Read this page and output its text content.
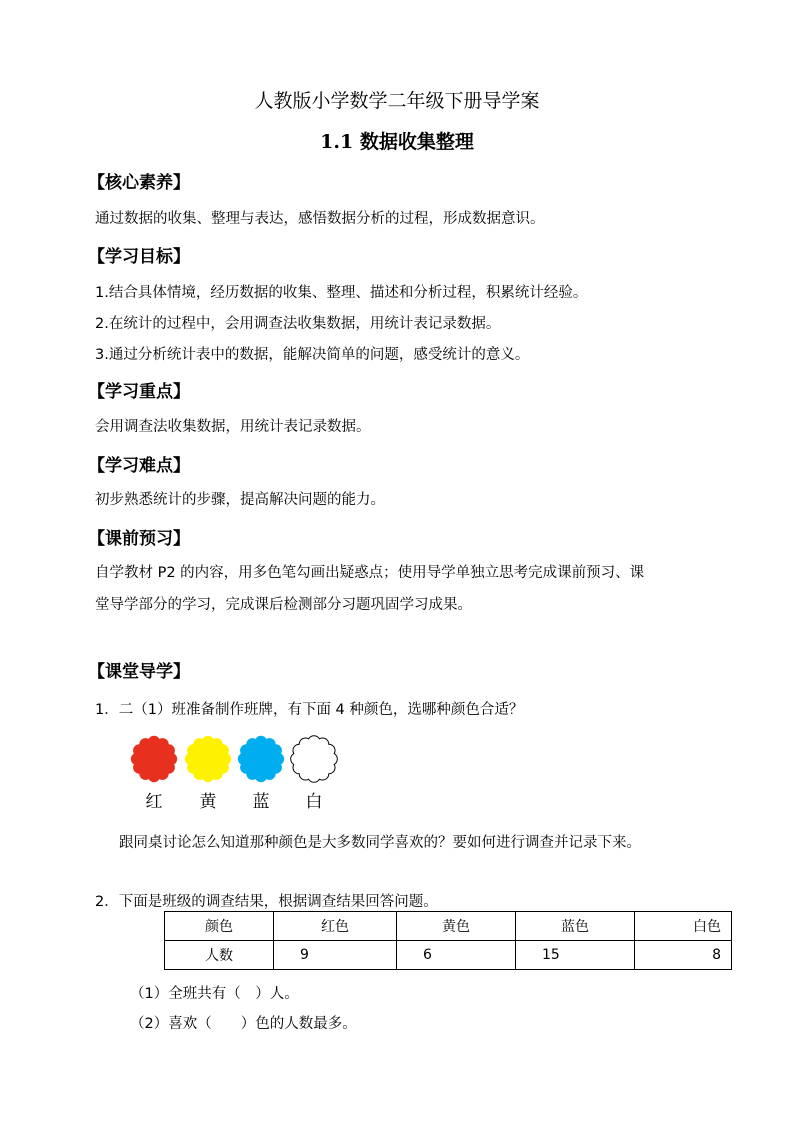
人教版小学数学二年级下册导学案
1.1 数据收集整理
【核心素养】
通过数据的收集、整理与表达，感悟数据分析的过程，形成数据意识。
【学习目标】
1.结合具体情境，经历数据的收集、整理、描述和分析过程，积累统计经验。
2.在统计的过程中，会用调查法收集数据，用统计表记录数据。
3.通过分析统计表中的数据，能解决简单的问题，感受统计的意义。
【学习重点】
会用调查法收集数据，用统计表记录数据。
【学习难点】
初步熟悉统计的步骤，提高解决问题的能力。
【课前预习】
自学教材 P2 的内容，用多色笔勾画出疑惑点；使用导学单独立思考完成课前预习、课
堂导学部分的学习，完成课后检测部分习题巩固学习成果。
【课堂导学】
1．二（1）班准备制作班牌，有下面 4 种颜色，选哪种颜色合适？
红	黄	蓝	白
跟同桌讨论怎么知道那种颜色是大多数同学喜欢的？要如何进行调查并记录下来。
2．下面是班级的调查结果，根据调查结果回答问题。
颜色	红色	黄色	蓝色	白色
人数	9	6	15	8
（1）全班共有（　）人。
（2）喜欢（　　）色的人数最多。
